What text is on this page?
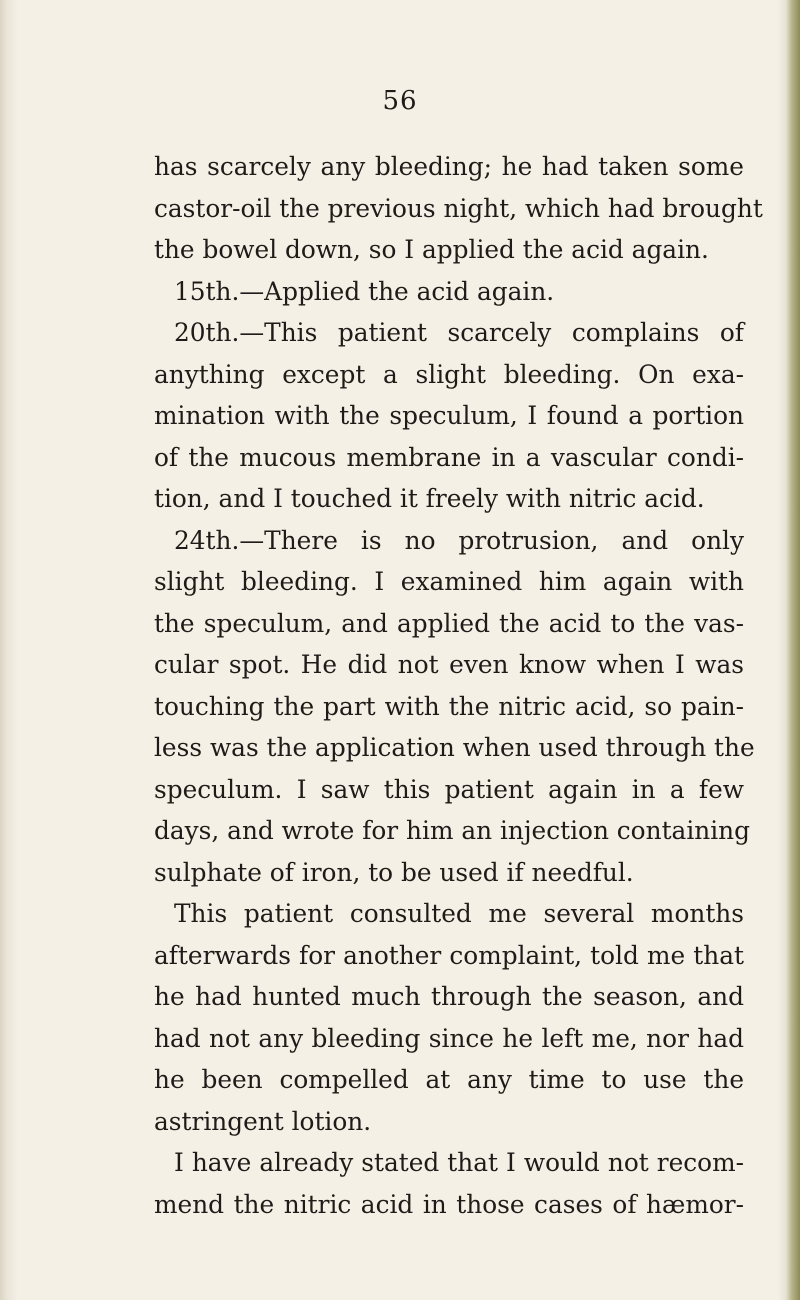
56
has scarcely any bleeding; he had taken some
castor-oil the previous night, which had brought
the bowel down, so I applied the acid again.
15th.—Applied the acid again.
20th.—This patient scarcely complains of
anything except a slight bleeding. On exa-
mination with the speculum, I found a portion
of the mucous membrane in a vascular condi-
tion, and I touched it freely with nitric acid.
24th.—There is no protrusion, and only
slight bleeding. I examined him again with
the speculum, and applied the acid to the vas-
cular spot. He did not even know when I was
touching the part with the nitric acid, so pain-
less was the application when used through the
speculum. I saw this patient again in a few
days, and wrote for him an injection containing
sulphate of iron, to be used if needful.
This patient consulted me several months
afterwards for another complaint, told me that
he had hunted much through the season, and
had not any bleeding since he left me, nor had
he been compelled at any time to use the
astringent lotion.
I have already stated that I would not recom-
mend the nitric acid in those cases of hæmor-
